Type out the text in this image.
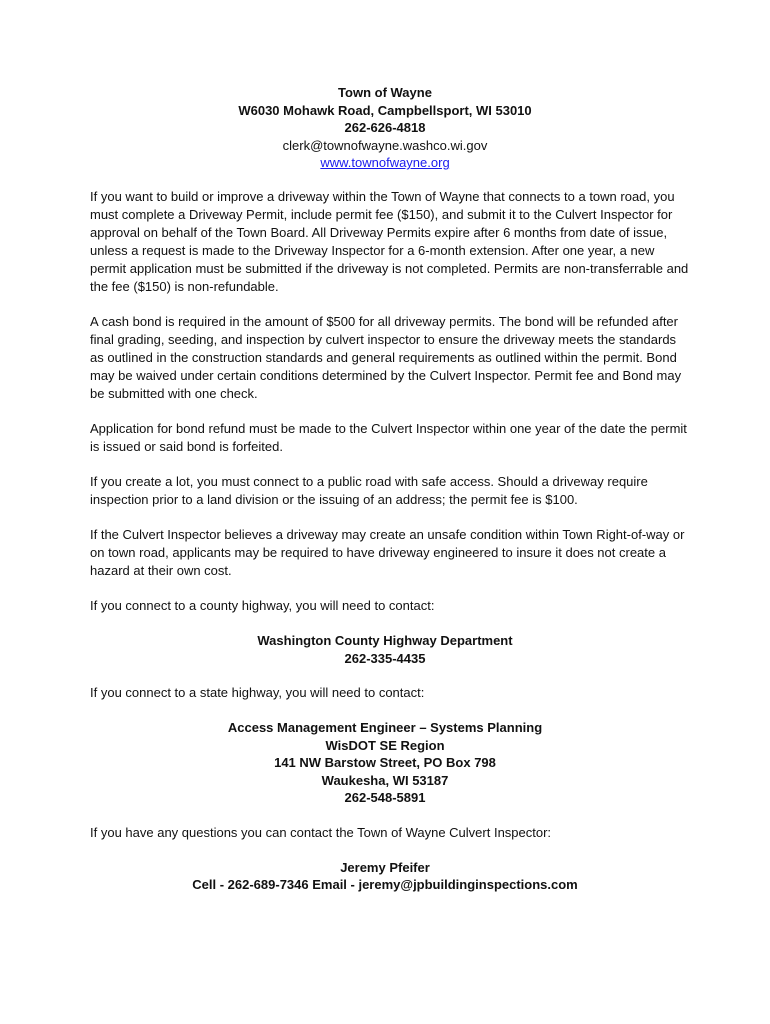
Town of Wayne
W6030 Mohawk Road, Campbellsport, WI 53010
262-626-4818
clerk@townofwayne.washco.wi.gov
www.townofwayne.org

If you want to build or improve a driveway within the Town of Wayne that connects to a town road, you must complete a Driveway Permit, include permit fee ($150), and submit it to the Culvert Inspector for approval on behalf of the Town Board. All Driveway Permits expire after 6 months from date of issue, unless a request is made to the Driveway Inspector for a 6-month extension. After one year, a new permit application must be submitted if the driveway is not completed. Permits are non-transferrable and the fee ($150) is non-refundable.

A cash bond is required in the amount of $500 for all driveway permits. The bond will be refunded after final grading, seeding, and inspection by culvert inspector to ensure the driveway meets the standards as outlined in the construction standards and general requirements as outlined within the permit. Bond may be waived under certain conditions determined by the Culvert Inspector. Permit fee and Bond may be submitted with one check.

Application for bond refund must be made to the Culvert Inspector within one year of the date the permit is issued or said bond is forfeited.

If you create a lot, you must connect to a public road with safe access. Should a driveway require inspection prior to a land division or the issuing of an address; the permit fee is $100.

If the Culvert Inspector believes a driveway may create an unsafe condition within Town Right-of-way or on town road, applicants may be required to have driveway engineered to insure it does not create a hazard at their own cost.

If you connect to a county highway, you will need to contact:

Washington County Highway Department
262-335-4435

If you connect to a state highway, you will need to contact:

Access Management Engineer – Systems Planning
WisDOT SE Region
141 NW Barstow Street, PO Box 798
Waukesha, WI 53187
262-548-5891

If you have any questions you can contact the Town of Wayne Culvert Inspector:

Jeremy Pfeifer
Cell - 262-689-7346 Email - jeremy@jpbuildinginspections.com
